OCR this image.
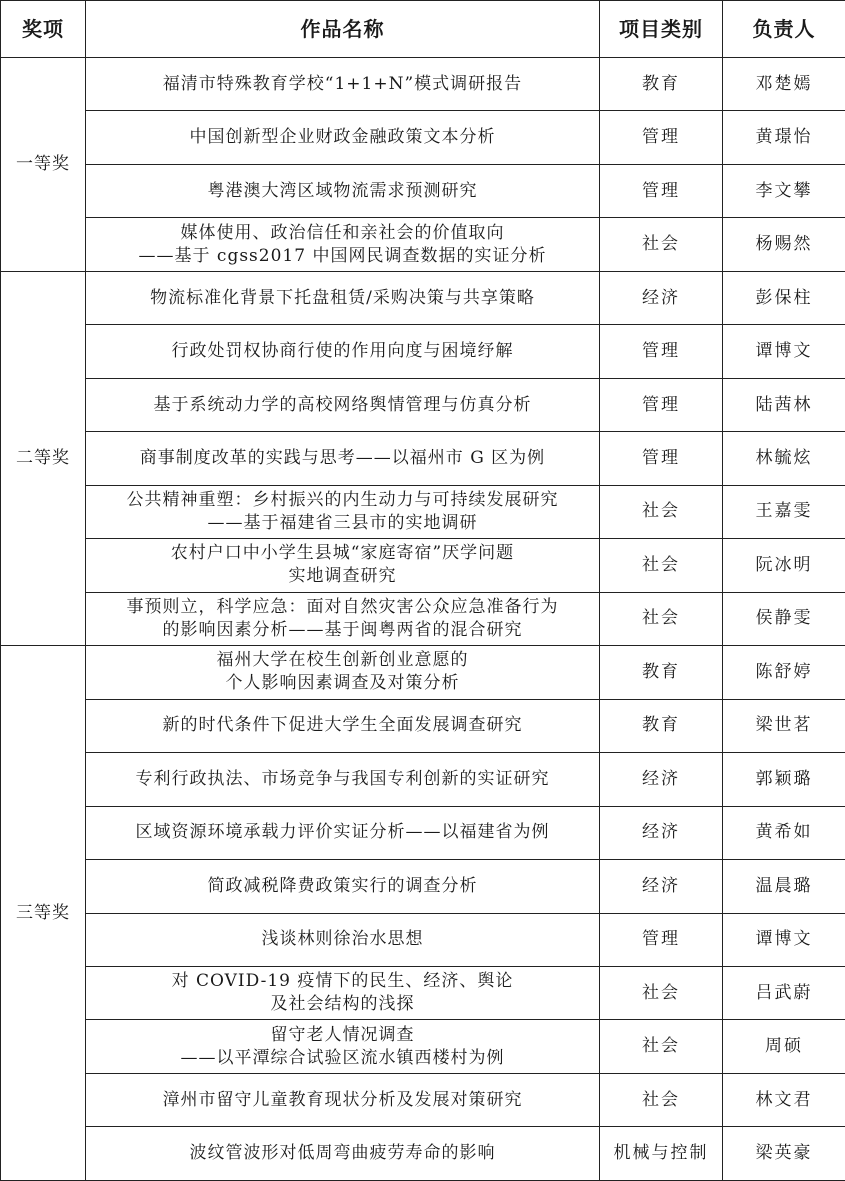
奖项	作品名称	项目类别	负责人
一等奖	福清市特殊教育学校“1+1+N”模式调研报告	教育	邓楚嫣

	中国创新型企业财政金融政策文本分析	管理	黄璟怡

	粤港澳大湾区域物流需求预测研究	管理	李文攀

	媒体使用、政治信任和亲社会的价值取向
——基于 cgss2017 中国网民调查数据的实证分析	社会	杨赐然
二等奖	物流标准化背景下托盘租赁/采购决策与共享策略	经济	彭保柱

	行政处罚权协商行使的作用向度与困境纾解	管理	谭博文

	基于系统动力学的高校网络舆情管理与仿真分析	管理	陆茜林

	商事制度改革的实践与思考——以福州市 G 区为例	管理	林毓炫

	公共精神重塑：乡村振兴的内生动力与可持续发展研究
——基于福建省三县市的实地调研	社会	王嘉雯

	农村户口中小学生县城“家庭寄宿”厌学问题
实地调查研究	社会	阮冰明

	事预则立，科学应急：面对自然灾害公众应急准备行为
的影响因素分析——基于闽粤两省的混合研究	社会	侯静雯
三等奖	福州大学在校生创新创业意愿的
个人影响因素调查及对策分析	教育	陈舒婷

	新的时代条件下促进大学生全面发展调查研究	教育	梁世茗

	专利行政执法、市场竞争与我国专利创新的实证研究	经济	郭颖璐

	区域资源环境承载力评价实证分析——以福建省为例	经济	黄希如

	简政减税降费政策实行的调查分析	经济	温晨璐

	浅谈林则徐治水思想	管理	谭博文

	对 COVID-19 疫情下的民生、经济、舆论
及社会结构的浅探	社会	吕武蔚

	留守老人情况调查
——以平潭综合试验区流水镇西楼村为例	社会	周硕

	漳州市留守儿童教育现状分析及发展对策研究	社会	林文君

	波纹管波形对低周弯曲疲劳寿命的影响	机械与控制	梁英豪
